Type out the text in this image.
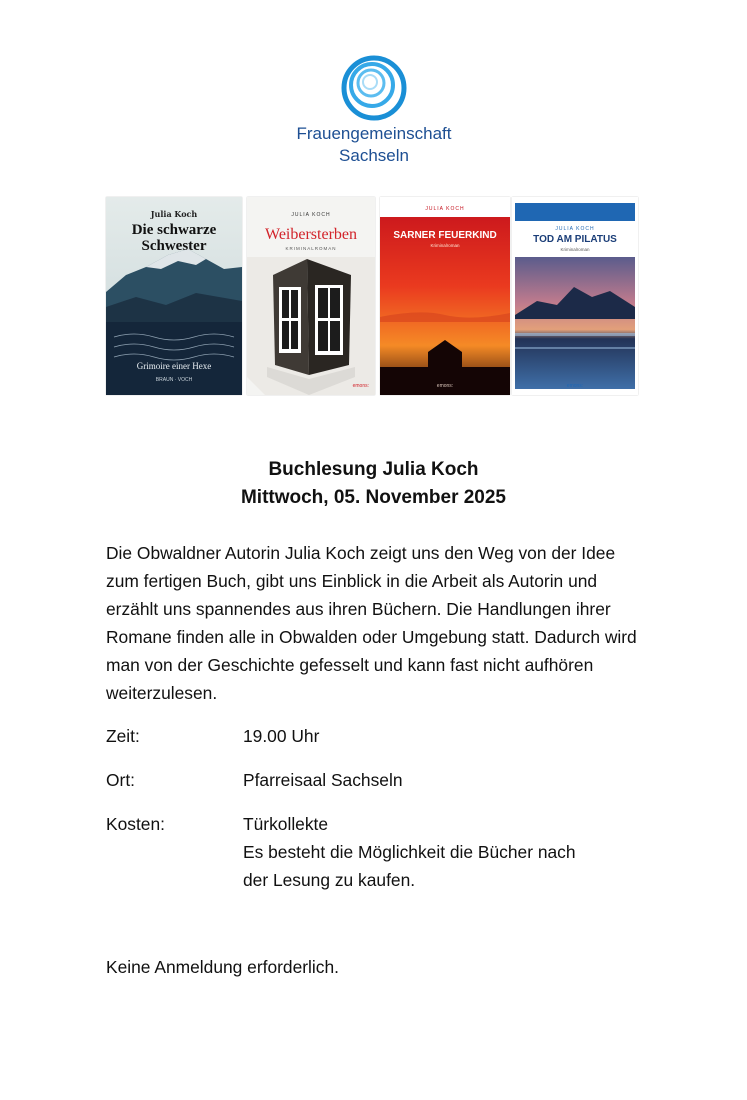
Frauengemeinschaft
Sachseln
Julia Koch
Die schwarze
Schwester
Grimoire einer Hexe
BRAUN · VOCH
JULIA KOCH
Weibersterben
KRIMINALROMAN
emons:
JULIA KOCH
SARNER FEUERKIND
Kriminalroman
emons:
JULIA KOCH
TOD AM PILATUS
Kriminalroman
emons:
Buchlesung Julia Koch
Mittwoch, 05. November 2025
Die Obwaldner Autorin Julia Koch zeigt uns den Weg von der Idee zum fertigen Buch, gibt uns Einblick in die Arbeit als Autorin und erzählt uns spannendes aus ihren Büchern. Die Handlungen ihrer Romane finden alle in Obwalden oder Umgebung statt. Dadurch wird man von der Geschichte gefesselt und kann fast nicht aufhören weiterzulesen.
Zeit:	19.00 Uhr
Ort:	Pfarreisaal Sachseln
Kosten:	Türkollekte
Es besteht die Möglichkeit die Bücher nach
der Lesung zu kaufen.
Keine Anmeldung erforderlich.
